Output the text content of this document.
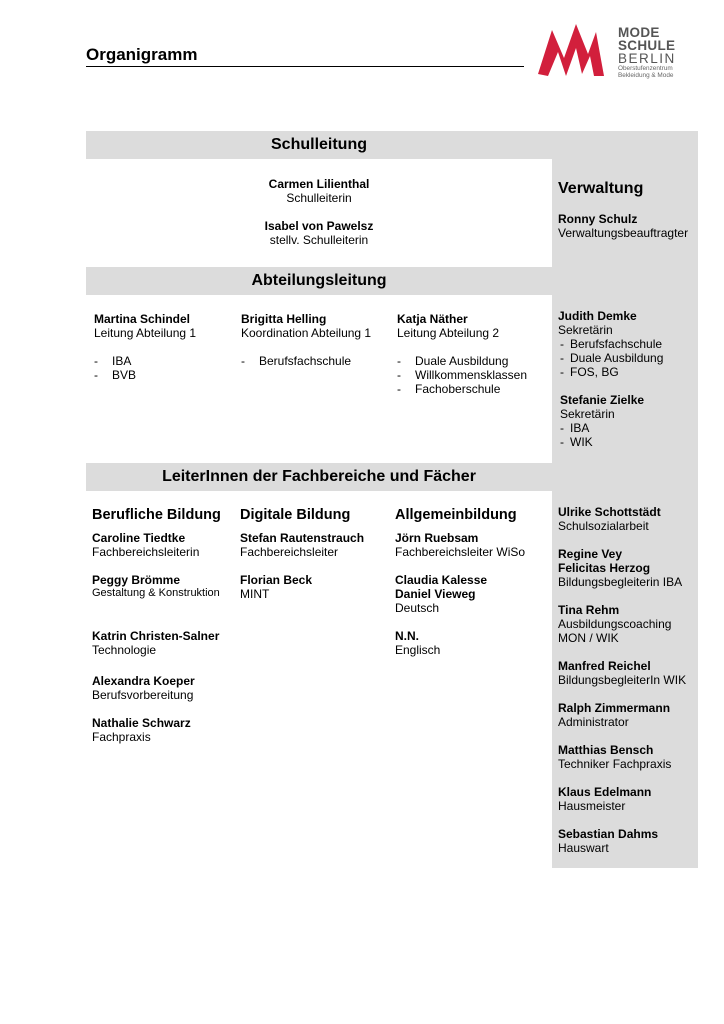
Organigramm
MODE
SCHULE
BERLIN
Oberstufenzentrum
Bekleidung & Mode
Schulleitung
Carmen Lilienthal
Schulleiterin
Isabel von Pawelsz
stellv. Schulleiterin
Verwaltung
Ronny Schulz
Verwaltungsbeauftragter
Abteilungsleitung
Martina Schindel
Leitung Abteilung 1
- IBA
- BVB
Brigitta Helling
Koordination Abteilung 1
- Berufsfachschule
Katja Näther
Leitung Abteilung 2
- Duale Ausbildung
- Willkommensklassen
- Fachoberschule
Judith Demke
Sekretärin
- Berufsfachschule
- Duale Ausbildung
- FOS, BG
Stefanie Zielke
Sekretärin
- IBA
- WIK
LeiterInnen der Fachbereiche und Fächer
Berufliche Bildung
Caroline Tiedtke
Fachbereichsleiterin
Peggy Brömme
Gestaltung & Konstruktion
Katrin Christen-Salner
Technologie
Alexandra Koeper
Berufsvorbereitung
Nathalie Schwarz
Fachpraxis
Digitale Bildung
Stefan Rautenstrauch
Fachbereichsleiter
Florian Beck
MINT
Allgemeinbildung
Jörn Ruebsam
Fachbereichsleiter WiSo
Claudia Kalesse
Daniel Vieweg
Deutsch
N.N.
Englisch
Ulrike Schottstädt
Schulsozialarbeit
Regine Vey
Felicitas Herzog
Bildungsbegleiterin IBA
Tina Rehm
Ausbildungscoaching
MON / WIK
Manfred Reichel
BildungsbegleiterIn WIK
Ralph Zimmermann
Administrator
Matthias Bensch
Techniker Fachpraxis
Klaus Edelmann
Hausmeister
Sebastian Dahms
Hauswart
